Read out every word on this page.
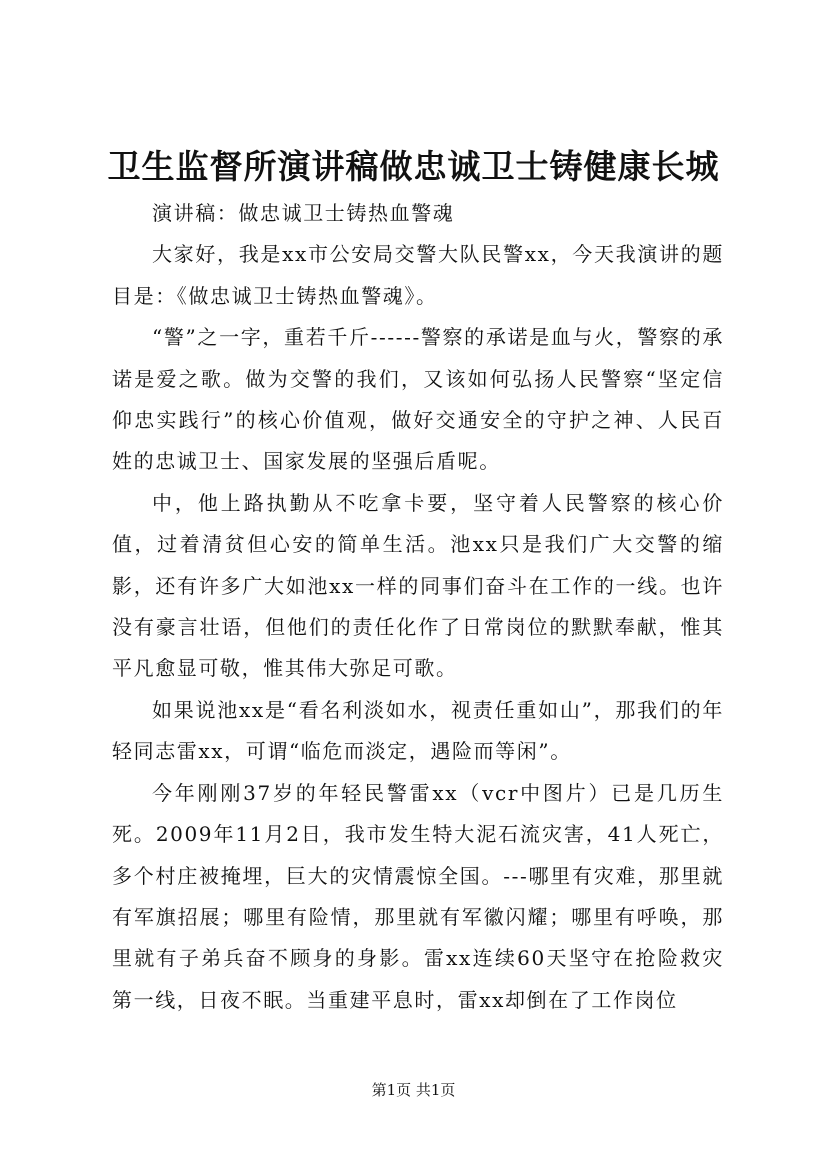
卫生监督所演讲稿做忠诚卫士铸健康长城

演讲稿：做忠诚卫士铸热血警魂

大家好，我是xx市公安局交警大队民警xx，今天我演讲的题目是：《做忠诚卫士铸热血警魂》。

“警”之一字，重若千斤------警察的承诺是血与火，警察的承诺是爱之歌。做为交警的我们，又该如何弘扬人民警察“坚定信仰忠实践行”的核心价值观，做好交通安全的守护之神、人民百姓的忠诚卫士、国家发展的坚强后盾呢。

中，他上路执勤从不吃拿卡要，坚守着人民警察的核心价值，过着清贫但心安的简单生活。池xx只是我们广大交警的缩影，还有许多广大如池xx一样的同事们奋斗在工作的一线。也许没有豪言壮语，但他们的责任化作了日常岗位的默默奉献，惟其平凡愈显可敬，惟其伟大弥足可歌。

如果说池xx是“看名利淡如水，视责任重如山”，那我们的年轻同志雷xx，可谓“临危而淡定，遇险而等闲”。

今年刚刚37岁的年轻民警雷xx（vcr中图片）已是几历生死。2009年11月2日，我市发生特大泥石流灾害，41人死亡，多个村庄被掩埋，巨大的灾情震惊全国。---哪里有灾难，那里就有军旗招展；哪里有险情，那里就有军徽闪耀；哪里有呼唤，那里就有子弟兵奋不顾身的身影。雷xx连续60天坚守在抢险救灾第一线，日夜不眠。当重建平息时，雷xx却倒在了工作岗位

第1页 共1页
